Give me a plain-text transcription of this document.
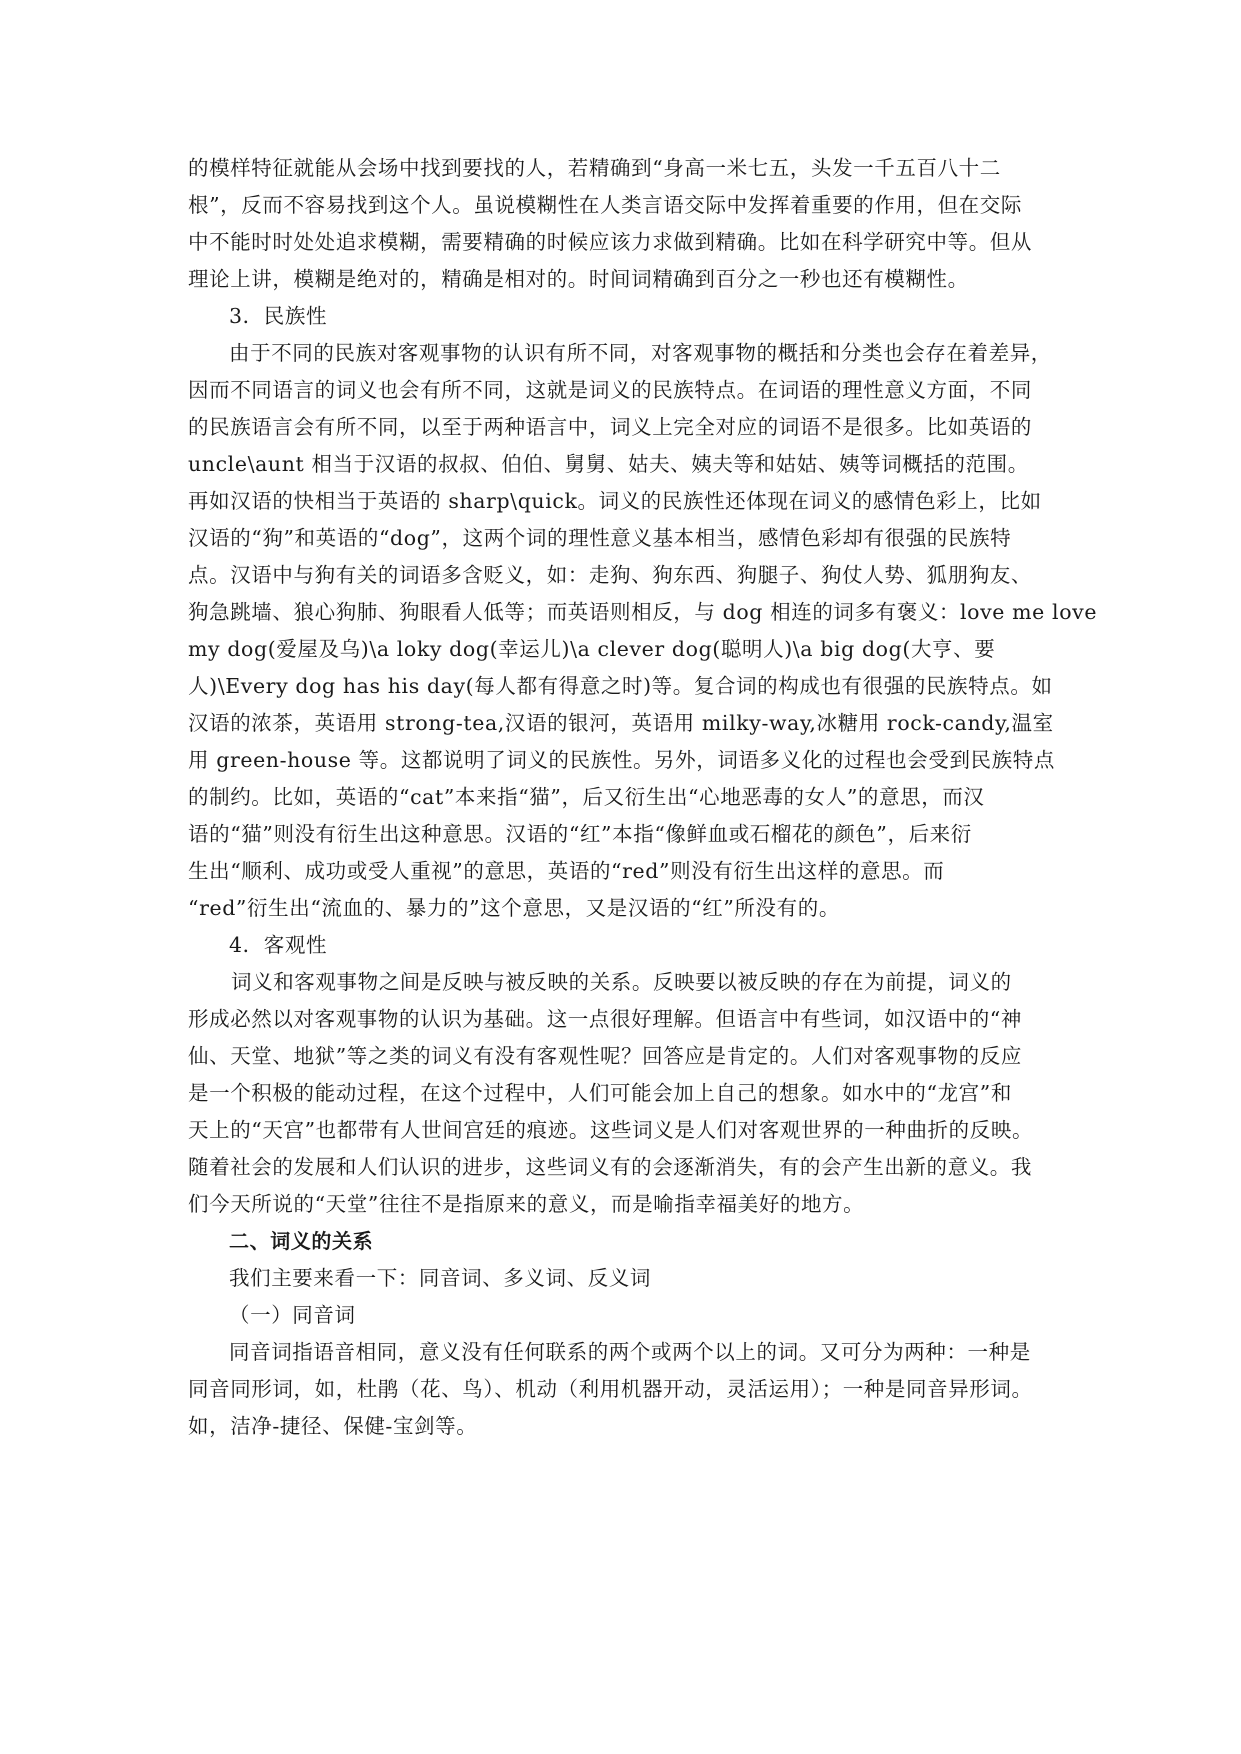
的模样特征就能从会场中找到要找的人，若精确到“身高一米七五，头发一千五百八十二
根”，反而不容易找到这个人。虽说模糊性在人类言语交际中发挥着重要的作用，但在交际
中不能时时处处追求模糊，需要精确的时候应该力求做到精确。比如在科学研究中等。但从
理论上讲，模糊是绝对的，精确是相对的。时间词精确到百分之一秒也还有模糊性。
3．民族性
由于不同的民族对客观事物的认识有所不同，对客观事物的概括和分类也会存在着差异，
因而不同语言的词义也会有所不同，这就是词义的民族特点。在词语的理性意义方面，不同
的民族语言会有所不同，以至于两种语言中，词义上完全对应的词语不是很多。比如英语的
uncle\aunt 相当于汉语的叔叔、伯伯、舅舅、姑夫、姨夫等和姑姑、姨等词概括的范围。
再如汉语的快相当于英语的 sharp\quick。词义的民族性还体现在词义的感情色彩上，比如
汉语的“狗”和英语的“dog”，这两个词的理性意义基本相当，感情色彩却有很强的民族特
点。汉语中与狗有关的词语多含贬义，如：走狗、狗东西、狗腿子、狗仗人势、狐朋狗友、
狗急跳墙、狼心狗肺、狗眼看人低等；而英语则相反，与 dog 相连的词多有褒义：love me love
my dog(爱屋及乌)\a loky dog(幸运儿)\a clever dog(聪明人)\a big dog(大亨、要
人)\Every dog has his day(每人都有得意之时)等。复合词的构成也有很强的民族特点。如
汉语的浓茶，英语用 strong-tea,汉语的银河，英语用 milky-way,冰糖用 rock-candy,温室
用 green-house 等。这都说明了词义的民族性。另外，词语多义化的过程也会受到民族特点
的制约。比如，英语的“cat”本来指“猫”，后又衍生出“心地恶毒的女人”的意思，而汉
语的“猫”则没有衍生出这种意思。汉语的“红”本指“像鲜血或石榴花的颜色”，后来衍
生出“顺利、成功或受人重视”的意思，英语的“red”则没有衍生出这样的意思。而
“red”衍生出“流血的、暴力的”这个意思，又是汉语的“红”所没有的。
4．客观性
词义和客观事物之间是反映与被反映的关系。反映要以被反映的存在为前提，词义的
形成必然以对客观事物的认识为基础。这一点很好理解。但语言中有些词，如汉语中的“神
仙、天堂、地狱”等之类的词义有没有客观性呢？回答应是肯定的。人们对客观事物的反应
是一个积极的能动过程，在这个过程中，人们可能会加上自己的想象。如水中的“龙宫”和
天上的“天宫”也都带有人世间宫廷的痕迹。这些词义是人们对客观世界的一种曲折的反映。
随着社会的发展和人们认识的进步，这些词义有的会逐渐消失，有的会产生出新的意义。我
们今天所说的“天堂”往往不是指原来的意义，而是喻指幸福美好的地方。
二、词义的关系
我们主要来看一下：同音词、多义词、反义词
（一）同音词
同音词指语音相同，意义没有任何联系的两个或两个以上的词。又可分为两种：一种是
同音同形词，如，杜鹃（花、鸟）、机动（利用机器开动，灵活运用）；一种是同音异形词。
如，洁净-捷径、保健-宝剑等。
